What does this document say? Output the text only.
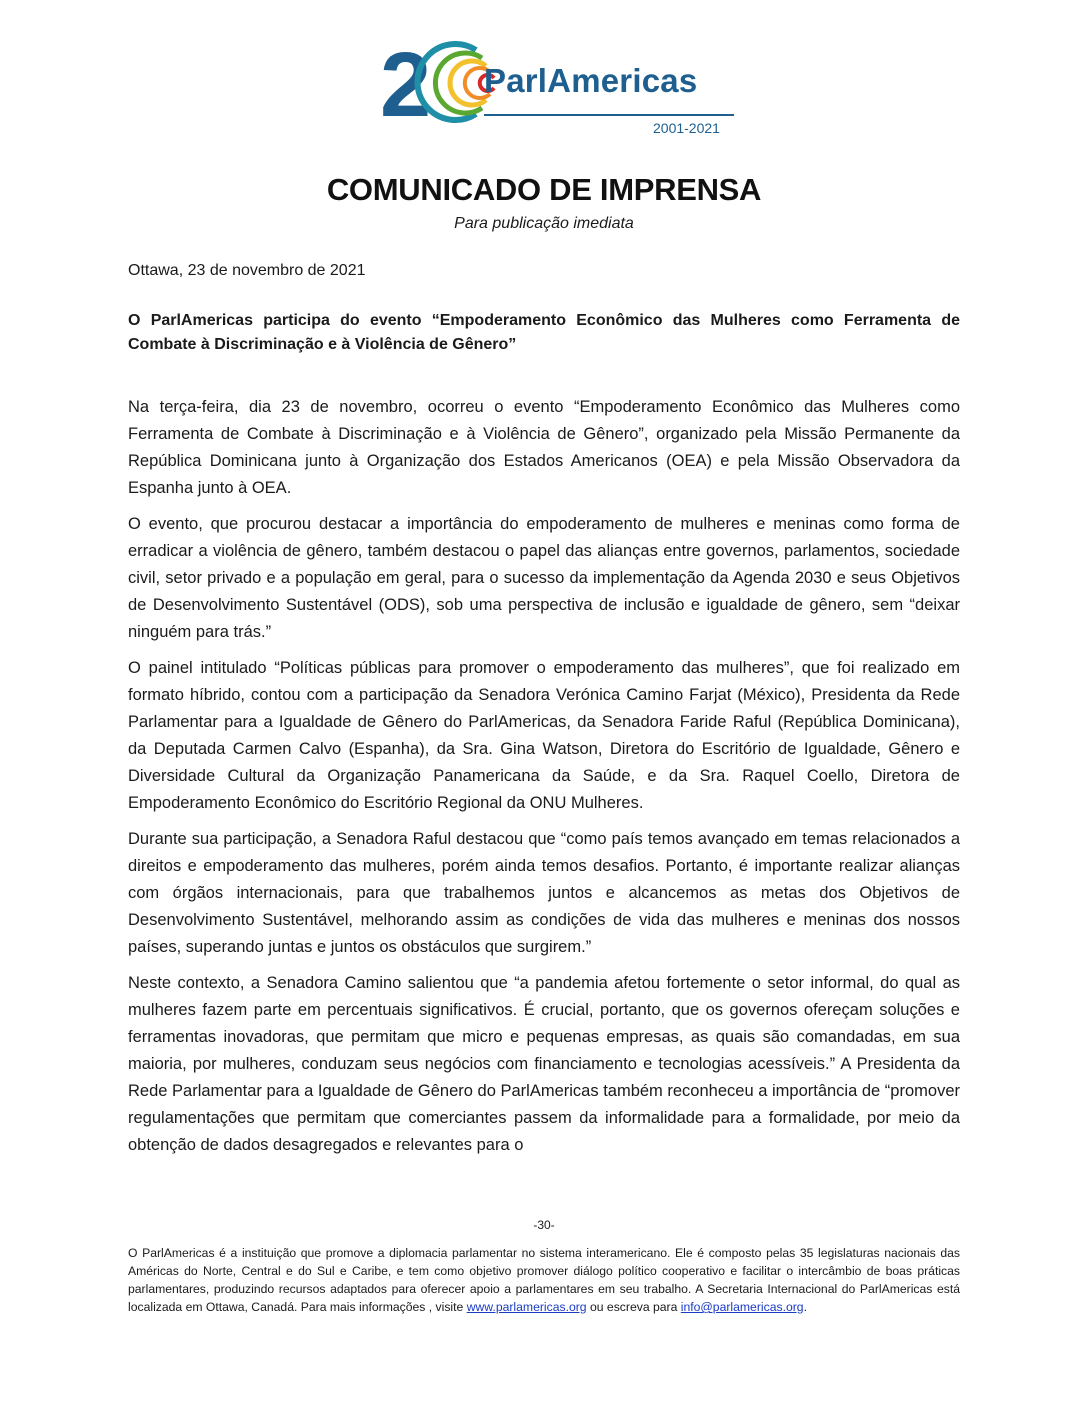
2 ParlAmericas
2001-2021
COMUNICADO DE IMPRENSA
Para publicação imediata

Ottawa, 23 de novembro de 2021

O ParlAmericas participa do evento “Empoderamento Econômico das Mulheres como Ferramenta de Combate à Discriminação e à Violência de Gênero”

Na terça-feira, dia 23 de novembro, ocorreu o evento “Empoderamento Econômico das Mulheres como Ferramenta de Combate à Discriminação e à Violência de Gênero”, organizado pela Missão Permanente da República Dominicana junto à Organização dos Estados Americanos (OEA) e pela Missão Observadora da Espanha junto à OEA.

O evento, que procurou destacar a importância do empoderamento de mulheres e meninas como forma de erradicar a violência de gênero, também destacou o papel das alianças entre governos, parlamentos, sociedade civil, setor privado e a população em geral, para o sucesso da implementação da Agenda 2030 e seus Objetivos de Desenvolvimento Sustentável (ODS), sob uma perspectiva de inclusão e igualdade de gênero, sem “deixar ninguém para trás.”

O painel intitulado “Políticas públicas para promover o empoderamento das mulheres”, que foi realizado em formato híbrido, contou com a participação da Senadora Verónica Camino Farjat (México), Presidenta da Rede Parlamentar para a Igualdade de Gênero do ParlAmericas, da Senadora Faride Raful (República Dominicana), da Deputada Carmen Calvo (Espanha), da Sra. Gina Watson, Diretora do Escritório de Igualdade, Gênero e Diversidade Cultural da Organização Panamericana da Saúde, e da Sra. Raquel Coello, Diretora de Empoderamento Econômico do Escritório Regional da ONU Mulheres.

Durante sua participação, a Senadora Raful destacou que “como país temos avançado em temas relacionados a direitos e empoderamento das mulheres, porém ainda temos desafios. Portanto, é importante realizar alianças com órgãos internacionais, para que trabalhemos juntos e alcancemos as metas dos Objetivos de Desenvolvimento Sustentável, melhorando assim as condições de vida das mulheres e meninas dos nossos países, superando juntas e juntos os obstáculos que surgirem.”

Neste contexto, a Senadora Camino salientou que “a pandemia afetou fortemente o setor informal, do qual as mulheres fazem parte em percentuais significativos. É crucial, portanto, que os governos ofereçam soluções e ferramentas inovadoras, que permitam que micro e pequenas empresas, as quais são comandadas, em sua maioria, por mulheres, conduzam seus negócios com financiamento e tecnologias acessíveis.” A Presidenta da Rede Parlamentar para a Igualdade de Gênero do ParlAmericas também reconheceu a importância de “promover regulamentações que permitam que comerciantes passem da informalidade para a formalidade, por meio da obtenção de dados desagregados e relevantes para o

-30-
O ParlAmericas é a instituição que promove a diplomacia parlamentar no sistema interamericano. Ele é composto pelas 35 legislaturas nacionais das Américas do Norte, Central e do Sul e Caribe, e tem como objetivo promover diálogo político cooperativo e facilitar o intercâmbio de boas práticas parlamentares, produzindo recursos adaptados para oferecer apoio a parlamentares em seu trabalho. A Secretaria Internacional do ParlAmericas está localizada em Ottawa, Canadá. Para mais informações , visite www.parlamericas.org ou escreva para info@parlamericas.org.
